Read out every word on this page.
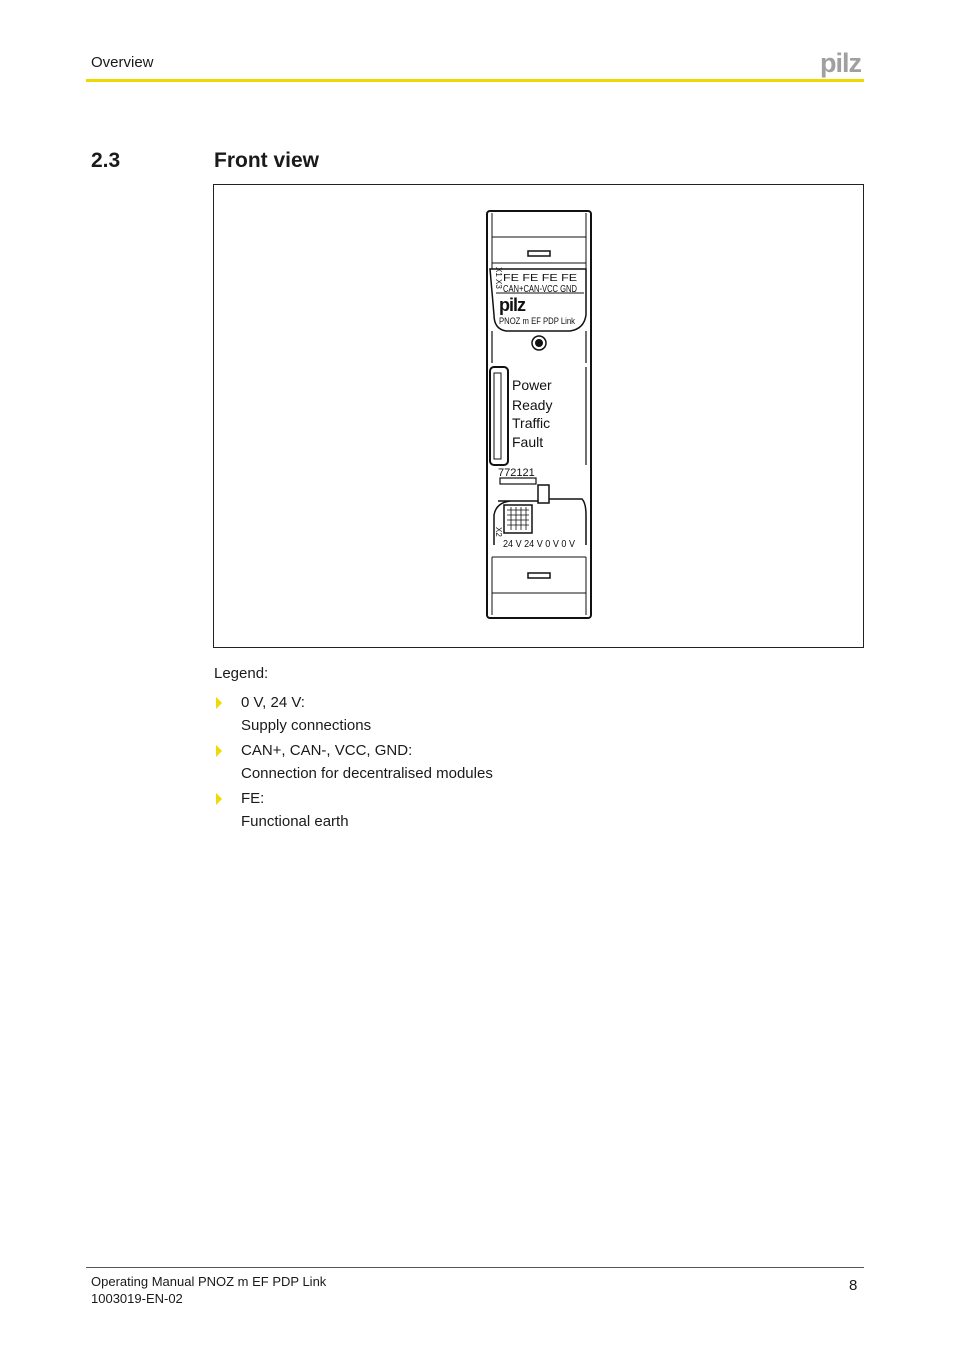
Overview	pilz
2.3	Front view
X1 X3 FE FE FE FE
CAN+CAN-VCC GND
pilz
PNOZ m EF PDP Link
Power
Ready
Traffic
Fault
772121
X2
24 V 24 V 0 V 0 V
Legend:
0 V, 24 V:
Supply connections
CAN+, CAN-, VCC, GND:
Connection for decentralised modules
FE:
Functional earth
Operating Manual PNOZ m EF PDP Link
1003019-EN-02
8
